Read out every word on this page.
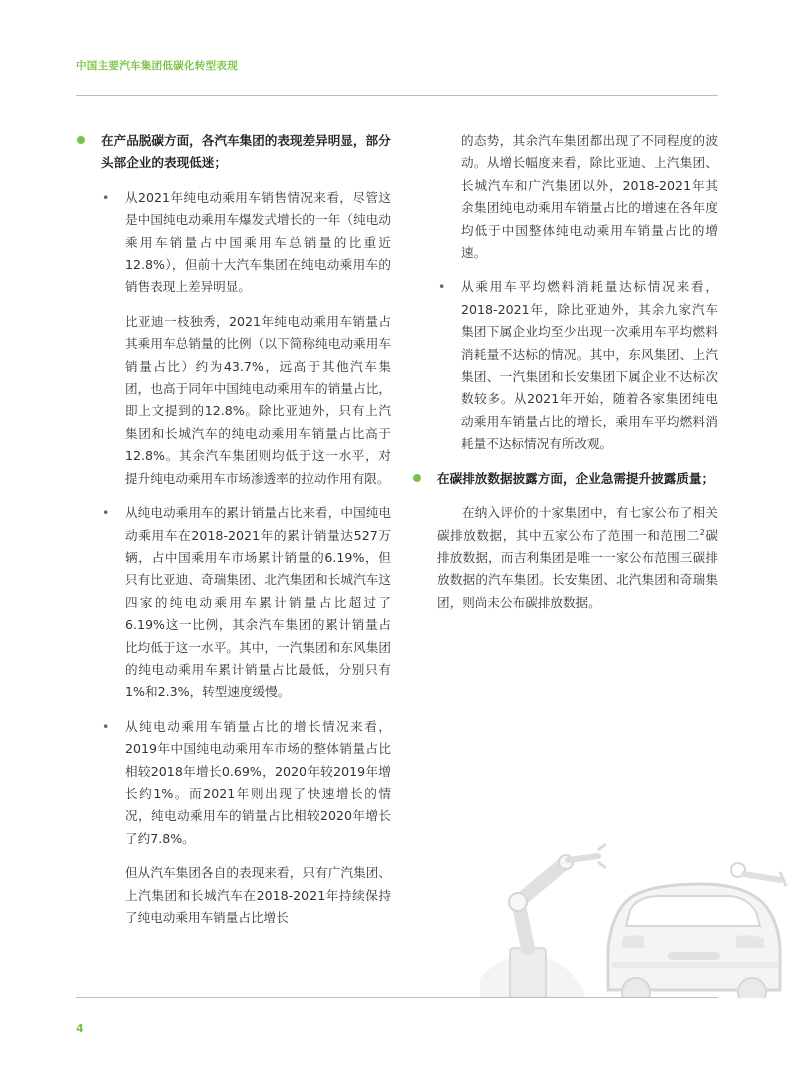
中国主要汽车集团低碳化转型表现
在产品脱碳方面，各汽车集团的表现差异明显，部分头部企业的表现低迷；
• 从2021年纯电动乘用车销售情况来看，尽管这是中国纯电动乘用车爆发式增长的一年（纯电动乘用车销量占中国乘用车总销量的比重近12.8%），但前十大汽车集团在纯电动乘用车的销售表现上差异明显。
比亚迪一枝独秀，2021年纯电动乘用车销量占其乘用车总销量的比例（以下简称纯电动乘用车销量占比）约为43.7%，远高于其他汽车集团，也高于同年中国纯电动乘用车的销量占比，即上文提到的12.8%。除比亚迪外，只有上汽集团和长城汽车的纯电动乘用车销量占比高于12.8%。其余汽车集团则均低于这一水平，对提升纯电动乘用车市场渗透率的拉动作用有限。
• 从纯电动乘用车的累计销量占比来看，中国纯电动乘用车在2018-2021年的累计销量达527万辆，占中国乘用车市场累计销量的6.19%，但只有比亚迪、奇瑞集团、北汽集团和长城汽车这四家的纯电动乘用车累计销量占比超过了6.19%这一比例，其余汽车集团的累计销量占比均低于这一水平。其中，一汽集团和东风集团的纯电动乘用车累计销量占比最低，分别只有1%和2.3%，转型速度缓慢。
• 从纯电动乘用车销量占比的增长情况来看，2019年中国纯电动乘用车市场的整体销量占比相较2018年增长0.69%，2020年较2019年增长约1%。而2021年则出现了快速增长的情况，纯电动乘用车的销量占比相较2020年增长了约7.8%。
但从汽车集团各自的表现来看，只有广汽集团、上汽集团和长城汽车在2018-2021年持续保持了纯电动乘用车销量占比增长
的态势，其余汽车集团都出现了不同程度的波动。从增长幅度来看，除比亚迪、上汽集团、长城汽车和广汽集团以外，2018-2021年其余集团纯电动乘用车销量占比的增速在各年度均低于中国整体纯电动乘用车销量占比的增速。
• 从乘用车平均燃料消耗量达标情况来看，2018-2021年，除比亚迪外，其余九家汽车集团下属企业均至少出现一次乘用车平均燃料消耗量不达标的情况。其中，东风集团、上汽集团、一汽集团和长安集团下属企业不达标次数较多。从2021年开始，随着各家集团纯电动乘用车销量占比的增长，乘用车平均燃料消耗量不达标情况有所改观。
在碳排放数据披露方面，企业急需提升披露质量；
在纳入评价的十家集团中，有七家公布了相关碳排放数据，其中五家公布了范围一和范围二$^2$碳排放数据，而吉利集团是唯一一家公布范围三碳排放数据的汽车集团。长安集团、北汽集团和奇瑞集团，则尚未公布碳排放数据。
4
